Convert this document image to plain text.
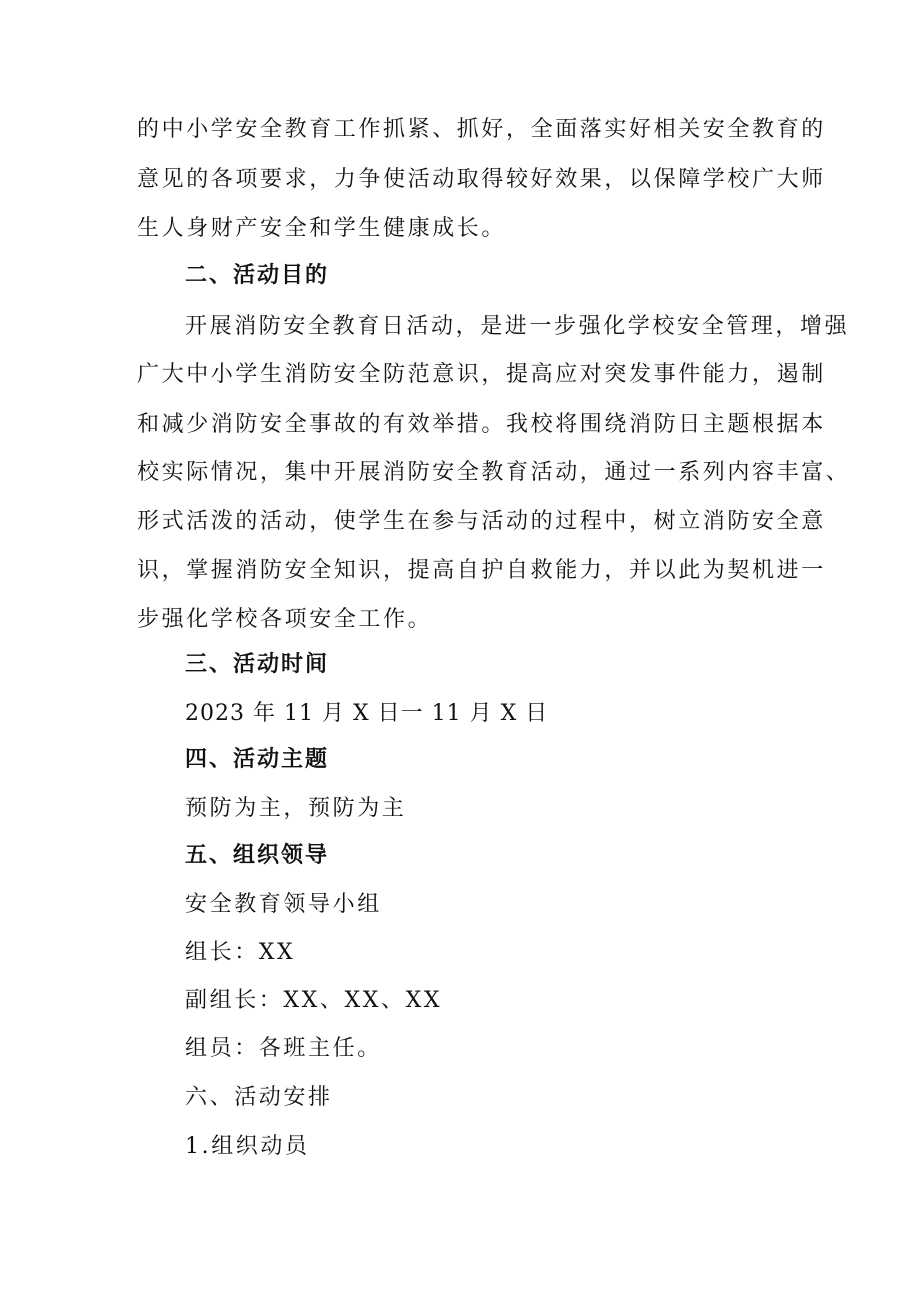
的中小学安全教育工作抓紧、抓好，全面落实好相关安全教育的
意见的各项要求，力争使活动取得较好效果，以保障学校广大师
生人身财产安全和学生健康成长。
二、活动目的
开展消防安全教育日活动，是进一步强化学校安全管理，增强
广大中小学生消防安全防范意识，提高应对突发事件能力，遏制
和减少消防安全事故的有效举措。我校将围绕消防日主题根据本
校实际情况，集中开展消防安全教育活动，通过一系列内容丰富、
形式活泼的活动，使学生在参与活动的过程中，树立消防安全意
识，掌握消防安全知识，提高自护自救能力，并以此为契机进一
步强化学校各项安全工作。
三、活动时间
2023 年 11 月 X 日一 11 月 X 日
四、活动主题
预防为主，预防为主
五、组织领导
安全教育领导小组
组长：XX
副组长：XX、XX、XX
组员：各班主任。
六、活动安排
1.组织动员
